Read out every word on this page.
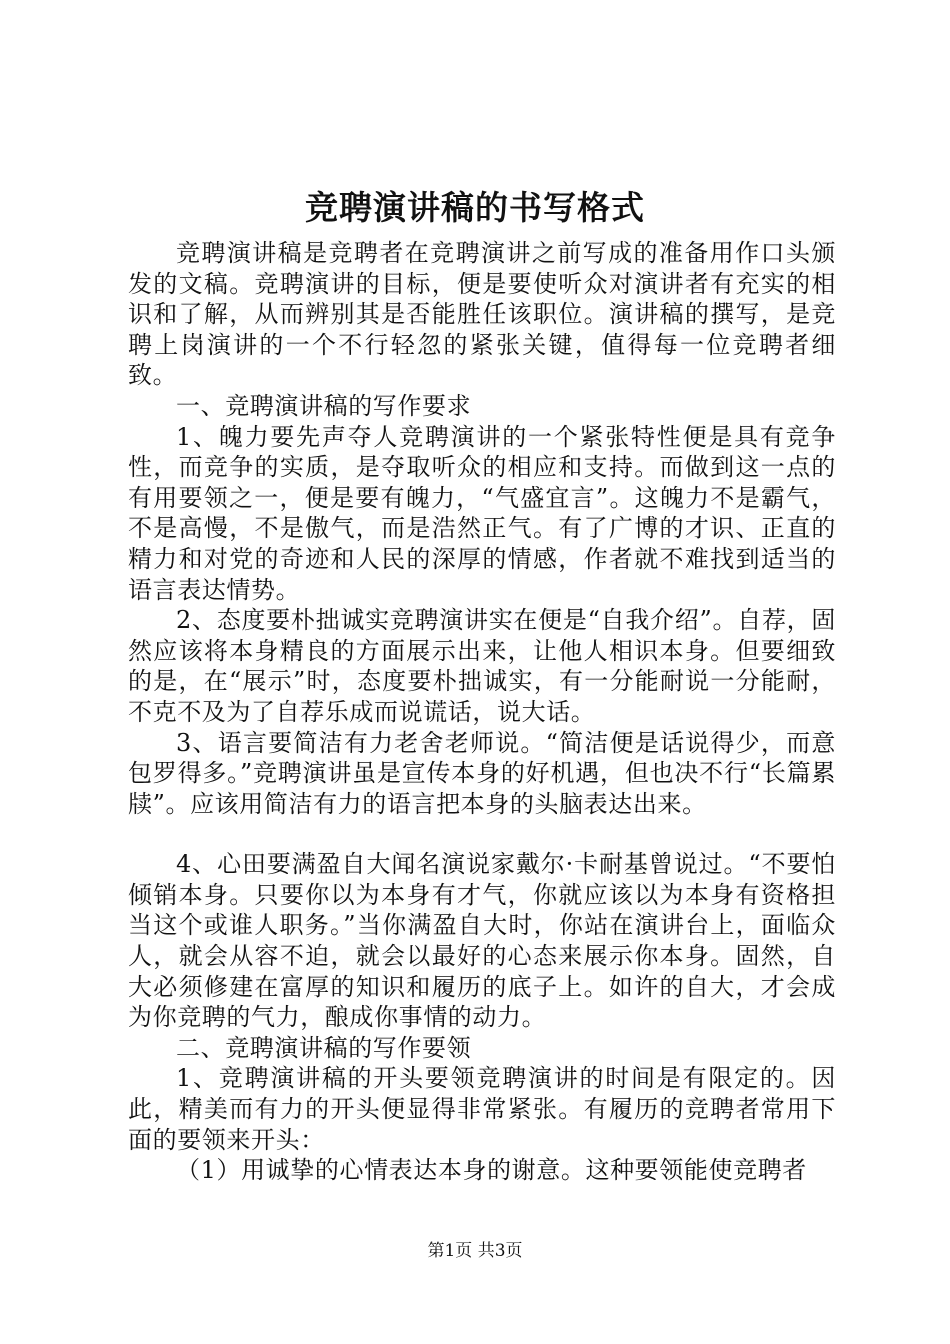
竞聘演讲稿的书写格式

竞聘演讲稿是竞聘者在竞聘演讲之前写成的准备用作口头颁发的文稿。竞聘演讲的目标，便是要使听众对演讲者有充实的相识和了解，从而辨别其是否能胜任该职位。演讲稿的撰写，是竞聘上岗演讲的一个不行轻忽的紧张关键，值得每一位竞聘者细致。

一、竞聘演讲稿的写作要求

1、魄力要先声夺人竞聘演讲的一个紧张特性便是具有竞争性，而竞争的实质，是夺取听众的相应和支持。而做到这一点的有用要领之一，便是要有魄力，“气盛宜言”。这魄力不是霸气，不是高慢，不是傲气，而是浩然正气。有了广博的才识、正直的精力和对党的奇迹和人民的深厚的情感，作者就不难找到适当的语言表达情势。

2、态度要朴拙诚实竞聘演讲实在便是“自我介绍”。自荐，固然应该将本身精良的方面展示出来，让他人相识本身。但要细致的是，在“展示”时，态度要朴拙诚实，有一分能耐说一分能耐，不克不及为了自荐乐成而说谎话，说大话。

3、语言要简洁有力老舍老师说。“简洁便是话说得少，而意包罗得多。”竞聘演讲虽是宣传本身的好机遇，但也决不行“长篇累牍”。应该用简洁有力的语言把本身的头脑表达出来。

4、心田要满盈自大闻名演说家戴尔·卡耐基曾说过。“不要怕倾销本身。只要你以为本身有才气，你就应该以为本身有资格担当这个或谁人职务。”当你满盈自大时，你站在演讲台上，面临众人，就会从容不迫，就会以最好的心态来展示你本身。固然，自大必须修建在富厚的知识和履历的底子上。如许的自大，才会成为你竞聘的气力，酿成你事情的动力。

二、竞聘演讲稿的写作要领

1、竞聘演讲稿的开头要领竞聘演讲的时间是有限定的。因此，精美而有力的开头便显得非常紧张。有履历的竞聘者常用下面的要领来开头：

（1）用诚挚的心情表达本身的谢意。这种要领能使竞聘者

第1页 共3页
